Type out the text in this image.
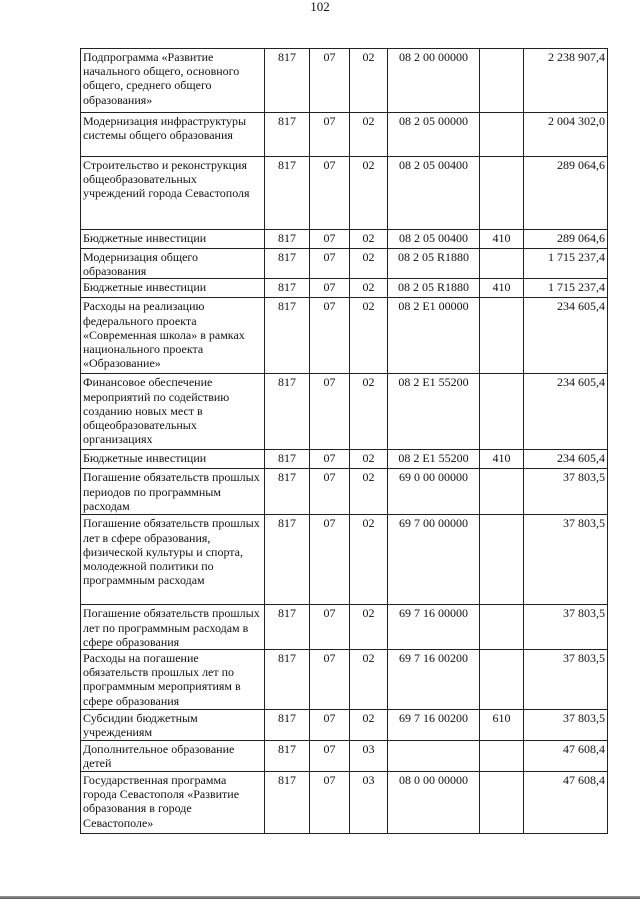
102
Подпрограмма «Развитие начального общего, основного общего, среднего общего образования»	817	07	02	08 2 00 00000		2 238 907,4
Модернизация инфраструктуры системы общего образования	817	07	02	08 2 05 00000		2 004 302,0
Строительство и реконструкция общеобразовательных учреждений города Севастополя	817	07	02	08 2 05 00400		289 064,6
Бюджетные инвестиции	817	07	02	08 2 05 00400	410	289 064,6
Модернизация общего образования	817	07	02	08 2 05 R1880		1 715 237,4
Бюджетные инвестиции	817	07	02	08 2 05 R1880	410	1 715 237,4
Расходы на реализацию федерального проекта «Современная школа» в рамках национального проекта «Образование»	817	07	02	08 2 E1 00000		234 605,4
Финансовое обеспечение мероприятий по содействию созданию новых мест в общеобразовательных организациях	817	07	02	08 2 E1 55200		234 605,4
Бюджетные инвестиции	817	07	02	08 2 E1 55200	410	234 605,4
Погашение обязательств прошлых периодов по программным расходам	817	07	02	69 0 00 00000		37 803,5
Погашение обязательств прошлых лет в сфере образования, физической культуры и спорта, молодежной политики по программным расходам	817	07	02	69 7 00 00000		37 803,5
Погашение обязательств прошлых лет по программным расходам в сфере образования	817	07	02	69 7 16 00000		37 803,5
Расходы на погашение обязательств прошлых лет по программным мероприятиям в сфере образования	817	07	02	69 7 16 00200		37 803,5
Субсидии бюджетным учреждениям	817	07	02	69 7 16 00200	610	37 803,5
Дополнительное образование детей	817	07	03			47 608,4
Государственная программа города Севастополя «Развитие образования в городе Севастополе»	817	07	03	08 0 00 00000		47 608,4
